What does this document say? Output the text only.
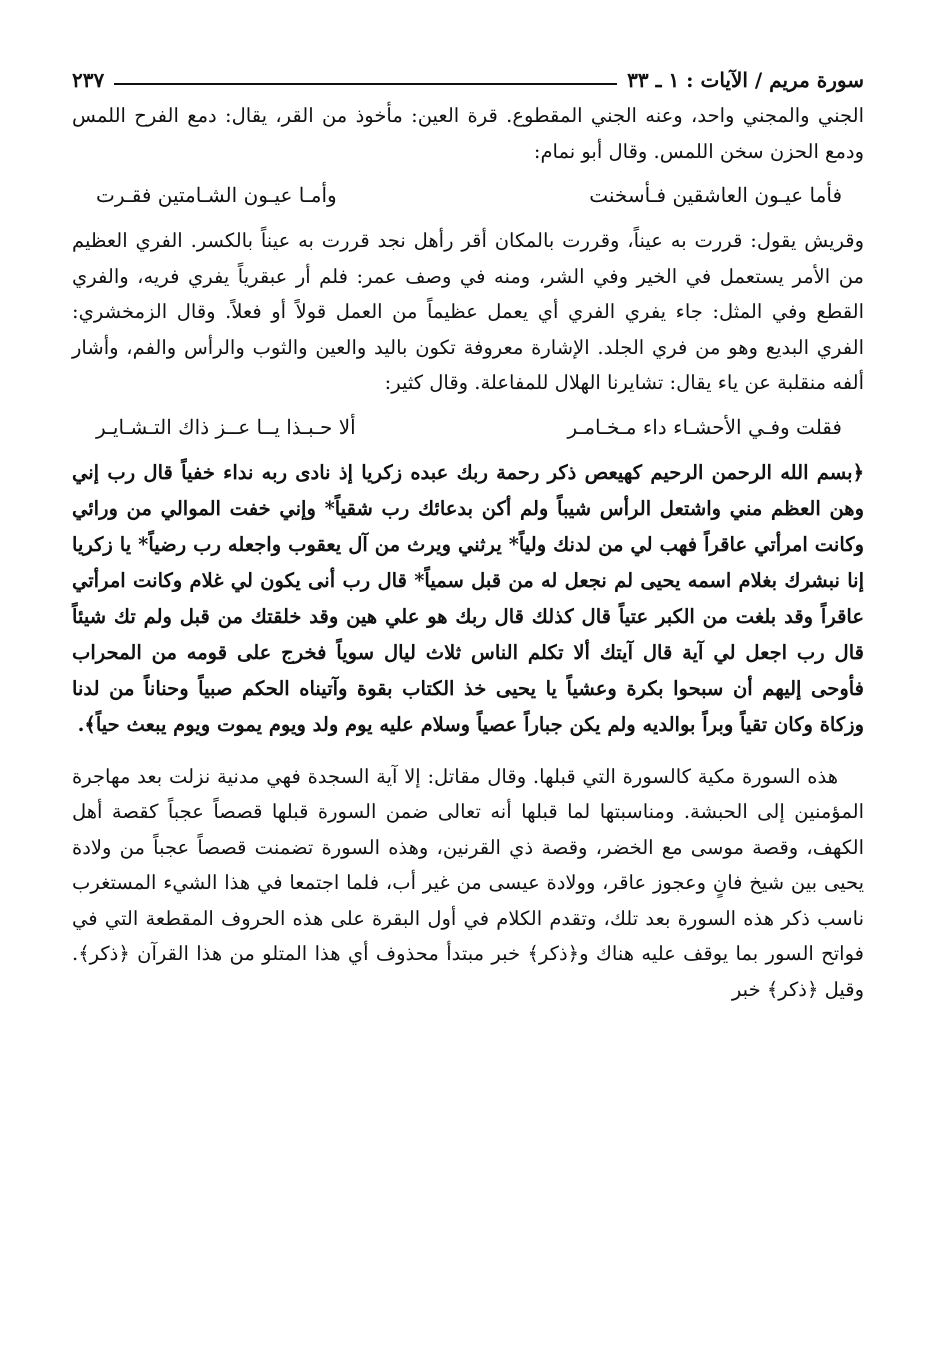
سورة مريم / الآيات : ١ ـ ٣٣
٢٣٧

الجني والمجني واحد، وعنه الجني المقطوع. قرة العين: مأخوذ من القر، يقال: دمع الفرح اللمس ودمع الحزن سخن اللمس. وقال أبو نمام:

فأما عيـون العاشقين فـأسخنت
وأمـا عيـون الشـامتين فقـرت

وقريش يقول: قررت به عيناً، وقررت بالمكان أقر رأهل نجد قررت به عيناً بالكسر. الفري العظيم من الأمر يستعمل في الخير وفي الشر، ومنه في وصف عمر: فلم أر عبقرياً يفري فريه، والفري القطع وفي المثل: جاء يفري الفري أي يعمل عظيماً من العمل قولاً أو فعلاً. وقال الزمخشري: الفري البديع وهو من فري الجلد. الإشارة معروفة تكون باليد والعين والثوب والرأس والفم، وأشار ألفه منقلبة عن ياء يقال: تشايرنا الهلال للمفاعلة. وقال كثير:

فقلت وفـي الأحشـاء داء مـخـامـر
ألا حـبـذا يــا عــز ذاك التـشـايـر

﴿بسم الله الرحمن الرحيم كهيعص ذكر رحمة ربك عبده زكريا إذ نادى ربه نداء خفياً قال رب إني وهن العظم مني واشتعل الرأس شيباً ولم أكن بدعائك رب شقياً* وإني خفت الموالي من ورائي وكانت امرأتي عاقراً فهب لي من لدنك ولياً* يرثني ويرث من آل يعقوب واجعله رب رضياً* يا زكريا إنا نبشرك بغلام اسمه يحيى لم نجعل له من قبل سمياً* قال رب أنى يكون لي غلام وكانت امرأتي عاقراً وقد بلغت من الكبر عتياً قال كذلك قال ربك هو علي هين وقد خلقتك من قبل ولم تك شيئاً قال رب اجعل لي آية قال آيتك ألا تكلم الناس ثلاث ليال سوياً فخرج على قومه من المحراب فأوحى إليهم أن سبحوا بكرة وعشياً يا يحيى خذ الكتاب بقوة وآتيناه الحكم صبياً وحناناً من لدنا وزكاة وكان تقياً وبراً بوالديه ولم يكن جباراً عصياً وسلام عليه يوم ولد ويوم يموت ويوم يبعث حياً﴾.

هذه السورة مكية كالسورة التي قبلها. وقال مقاتل: إلا آية السجدة فهي مدنية نزلت بعد مهاجرة المؤمنين إلى الحبشة. ومناسبتها لما قبلها أنه تعالى ضمن السورة قبلها قصصاً عجباً كقصة أهل الكهف، وقصة موسى مع الخضر، وقصة ذي القرنين، وهذه السورة تضمنت قصصاً عجباً من ولادة يحيى بين شيخ فانٍ وعجوز عاقر، وولادة عيسى من غير أب، فلما اجتمعا في هذا الشيء المستغرب ناسب ذكر هذه السورة بعد تلك، وتقدم الكلام في أول البقرة على هذه الحروف المقطعة التي في فواتح السور بما يوقف عليه هناك و﴿ذكر﴾ خبر مبتدأ محذوف أي هذا المتلو من هذا القرآن ﴿ذكر﴾. وقيل ﴿ذكر﴾ خبر
